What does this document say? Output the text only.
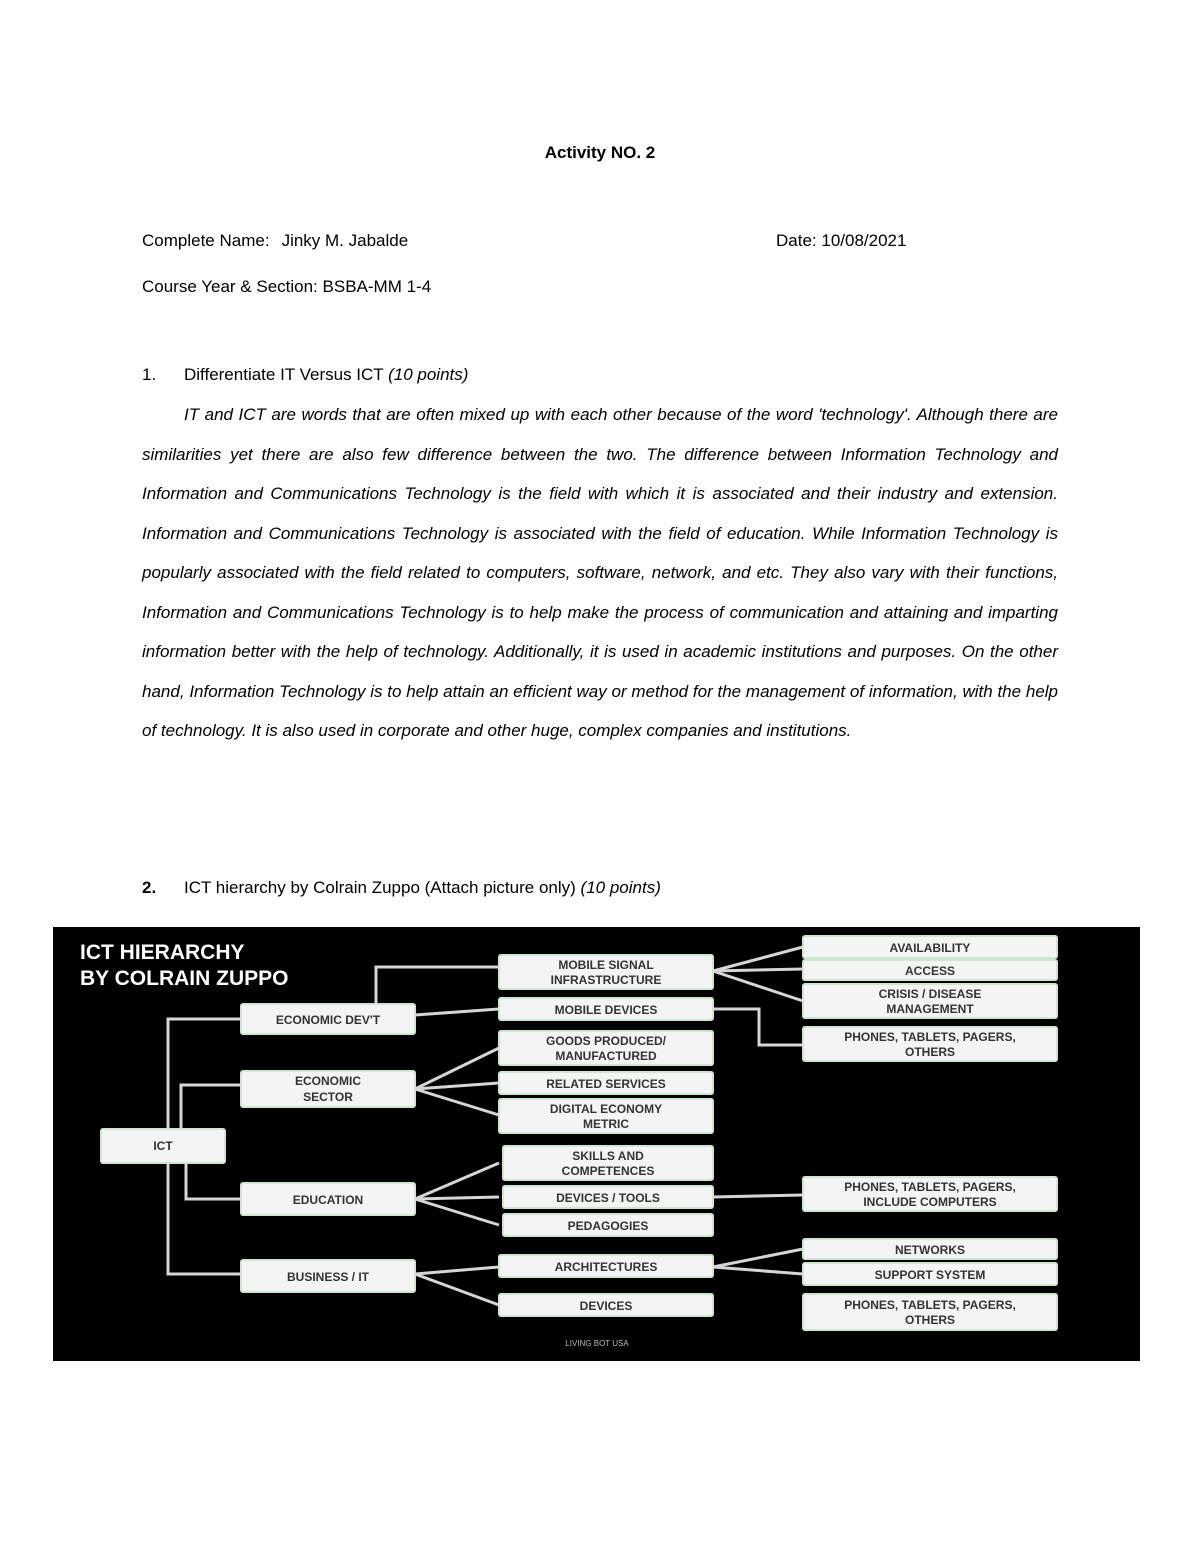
Activity NO. 2
Complete Name: Jinky M. Jabalde	Date: 10/08/2021
Course Year & Section: BSBA-MM 1-4
1. Differentiate IT Versus ICT (10 points)

IT and ICT are words that are often mixed up with each other because of the word 'technology'. Although there are similarities yet there are also few difference between the two. The difference between Information Technology and Information and Communications Technology is the field with which it is associated and their industry and extension. Information and Communications Technology is associated with the field of education. While Information Technology is popularly associated with the field related to computers, software, network, and etc. They also vary with their functions, Information and Communications Technology is to help make the process of communication and attaining and imparting information better with the help of technology. Additionally, it is used in academic institutions and purposes. On the other hand, Information Technology is to help attain an efficient way or method for the management of information, with the help of technology. It is also used in corporate and other huge, complex companies and institutions.

2. ICT hierarchy by Colrain Zuppo (Attach picture only) (10 points)
ICT HIERARCHY
BY COLRAIN ZUPPO
ICT
ECONOMIC DEV'T
ECONOMIC
SECTOR
EDUCATION
BUSINESS / IT
MOBILE SIGNAL
INFRASTRUCTURE
MOBILE DEVICES
GOODS PRODUCED/
MANUFACTURED
RELATED SERVICES
DIGITAL ECONOMY
METRIC
SKILLS AND
COMPETENCES
DEVICES / TOOLS
PEDAGOGIES
ARCHITECTURES
DEVICES
AVAILABILITY
ACCESS
CRISIS / DISEASE
MANAGEMENT
PHONES, TABLETS, PAGERS,
OTHERS
PHONES, TABLETS, PAGERS,
INCLUDE COMPUTERS
NETWORKS
SUPPORT SYSTEM
PHONES, TABLETS, PAGERS,
OTHERS
LIVING BOT USA
